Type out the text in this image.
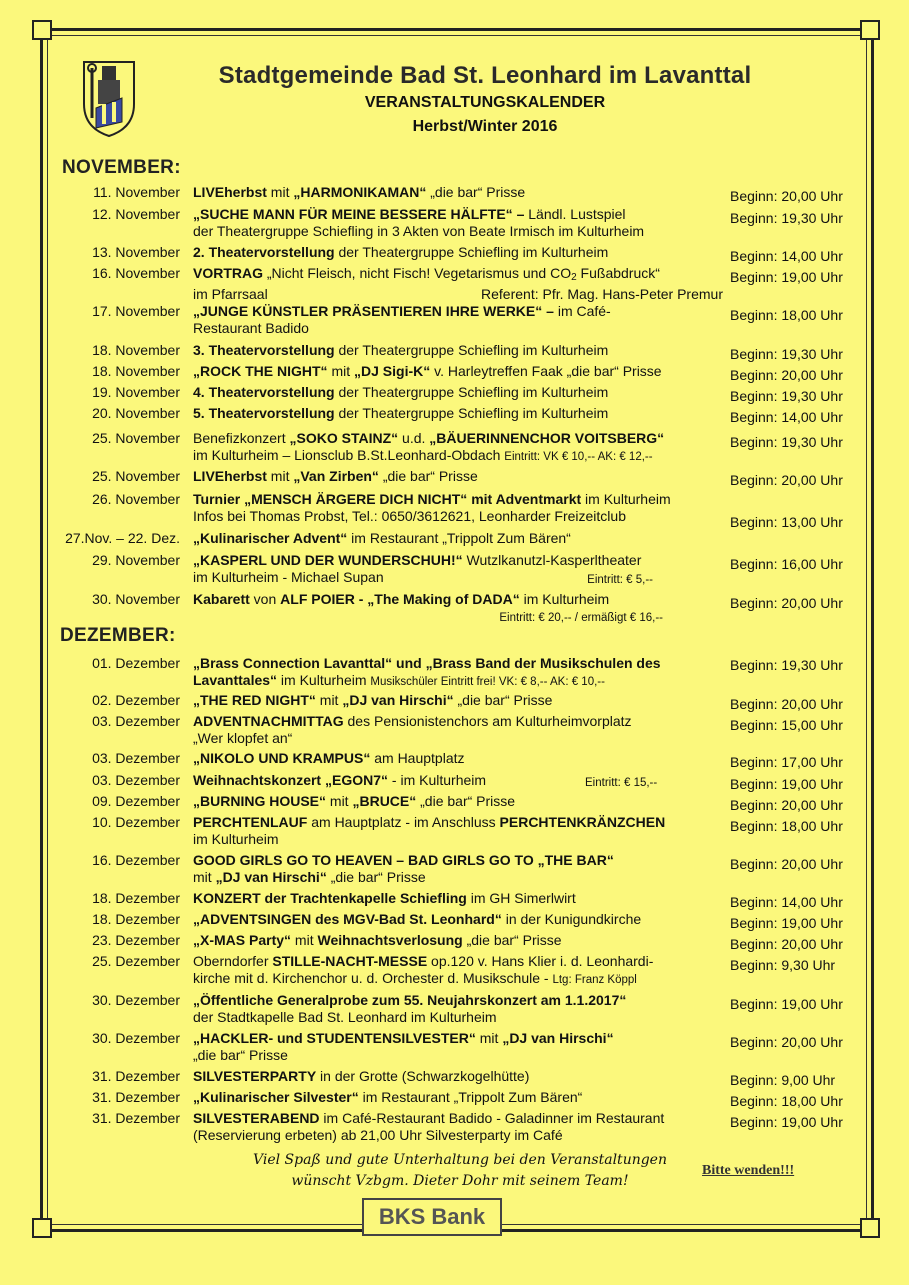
Stadtgemeinde Bad St. Leonhard im Lavanttal
VERANSTALTUNGSKALENDER
Herbst/Winter 2016
NOVEMBER:
DEZEMBER:
11. November LIVEherbst mit „HARMONIKAMAN“ „die bar“ Prisse	Beginn: 20,00 Uhr
12. November „SUCHE MANN FÜR MEINE BESSERE HÄLFTE“ – Ländl. Lustspiel
der Theatergruppe Schiefling in 3 Akten von Beate Irmisch im Kulturheim
Beginn: 19,30 Uhr
13. November 2. Theatervorstellung der Theatergruppe Schiefling im Kulturheim	Beginn: 14,00 Uhr
16. November VORTRAG „Nicht Fleisch, nicht Fisch! Vegetarismus und $CO_2$ Fußabdruck“
im Pfarrsaal	Referent: Pfr. Mag. Hans-Peter Premur
Beginn: 19,00 Uhr
17. November „JUNGE KÜNSTLER PRÄSENTIEREN IHRE WERKE“ – im Café-
Restaurant Badido
Beginn: 18,00 Uhr
18. November 3. Theatervorstellung der Theatergruppe Schiefling im Kulturheim	Beginn: 19,30 Uhr
18. November „ROCK THE NIGHT“ mit „DJ Sigi-K“ v. Harleytreffen Faak „die bar“ Prisse	Beginn: 20,00 Uhr
19. November 4. Theatervorstellung der Theatergruppe Schiefling im Kulturheim	Beginn: 19,30 Uhr
20. November 5. Theatervorstellung der Theatergruppe Schiefling im Kulturheim	Beginn: 14,00 Uhr
25. November Benefizkonzert „SOKO STAINZ“ u.d. „BÄUERINNENCHOR VOITSBERG“
im Kulturheim – Lionsclub B.St.Leonhard-Obdach Eintritt: VK € 10,-- AK: € 12,--
Beginn: 19,30 Uhr
25. November LIVEherbst mit „Van Zirben“ „die bar“ Prisse	Beginn: 20,00 Uhr
26. November Turnier „MENSCH ÄRGERE DICH NICHT“ mit Adventmarkt im Kulturheim
Infos bei Thomas Probst, Tel.: 0650/3612621, Leonharder Freizeitclub	Beginn: 13,00 Uhr
27.Nov. – 22. Dez. „Kulinarischer Advent“ im Restaurant „Trippolt Zum Bären“
29. November „KASPERL UND DER WUNDERSCHUH!“ Wutzlkanutzl-Kasperltheater
im Kulturheim - Michael Supan	Eintritt: € 5,--
Beginn: 16,00 Uhr
30. November Kabarett von ALF POIER - „The Making of DADA“ im Kulturheim
Eintritt: € 20,-- / ermäßigt € 16,--
Beginn: 20,00 Uhr
01. Dezember „Brass Connection Lavanttal“ und „Brass Band der Musikschulen des
Lavanttales“ im Kulturheim Musikschüler Eintritt frei! VK: € 8,-- AK: € 10,--
Beginn: 19,30 Uhr
02. Dezember „THE RED NIGHT“ mit „DJ van Hirschi“ „die bar“ Prisse	Beginn: 20,00 Uhr
03. Dezember ADVENTNACHMITTAG des Pensionistenchors am Kulturheimvorplatz
„Wer klopfet an“
Beginn: 15,00 Uhr
03. Dezember „NIKOLO UND KRAMPUS“ am Hauptplatz	Beginn: 17,00 Uhr
03. Dezember Weihnachtskonzert „EGON7“ - im Kulturheim	Eintritt: € 15,--	Beginn: 19,00 Uhr
09. Dezember „BURNING HOUSE“ mit „BRUCE“ „die bar“ Prisse	Beginn: 20,00 Uhr
10. Dezember PERCHTENLAUF am Hauptplatz - im Anschluss PERCHTENKRÄNZCHEN
im Kulturheim
Beginn: 18,00 Uhr
16. Dezember GOOD GIRLS GO TO HEAVEN – BAD GIRLS GO TO „THE BAR“
mit „DJ van Hirschi“ „die bar“ Prisse
Beginn: 20,00 Uhr
18. Dezember KONZERT der Trachtenkapelle Schiefling im GH Simerlwirt	Beginn: 14,00 Uhr
18. Dezember „ADVENTSINGEN des MGV-Bad St. Leonhard“ in der Kunigundkirche	Beginn: 19,00 Uhr
23. Dezember „X-MAS Party“ mit Weihnachtsverlosung „die bar“ Prisse	Beginn: 20,00 Uhr
25. Dezember Oberndorfer STILLE-NACHT-MESSE op.120 v. Hans Klier i. d. Leonhardi-
kirche mit d. Kirchenchor u. d. Orchester d. Musikschule - Ltg: Franz Köppl
Beginn: 9,30 Uhr
30. Dezember „Öffentliche Generalprobe zum 55. Neujahrskonzert am 1.1.2017“
der Stadtkapelle Bad St. Leonhard im Kulturheim
Beginn: 19,00 Uhr
30. Dezember „HACKLER- und STUDENTENSILVESTER“ mit „DJ van Hirschi“
„die bar“ Prisse
Beginn: 20,00 Uhr
31. Dezember SILVESTERPARTY in der Grotte (Schwarzkogelhütte)	Beginn: 9,00 Uhr
31. Dezember „Kulinarischer Silvester“ im Restaurant „Trippolt Zum Bären“	Beginn: 18,00 Uhr
31. Dezember SILVESTERABEND im Café-Restaurant Badido - Galadinner im Restaurant
(Reservierung erbeten) ab 21,00 Uhr Silvesterparty im Café
Beginn: 19,00 Uhr
Viel Spaß und gute Unterhaltung bei den Veranstaltungen
wünscht Vzbgm. Dieter Dohr mit seinem Team!
Bitte wenden!!!
BKS Bank
